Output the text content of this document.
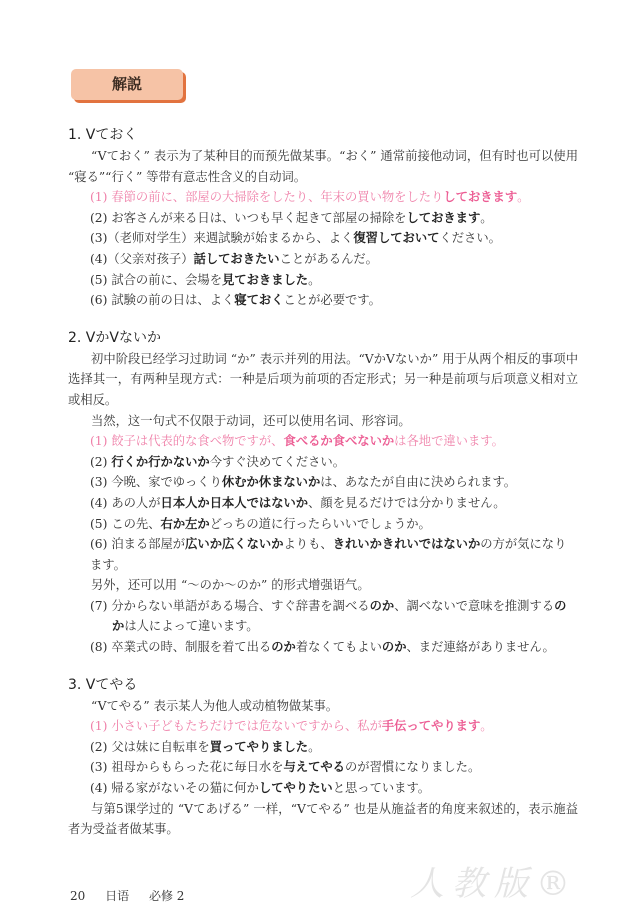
解説
1. Vておく
“Vておく” 表示为了某种目的而预先做某事。“おく” 通常前接他动词，但有时也可以使用 “寝る”“行く” 等带有意志性含义的自动词。
(1) 春節の前に、部屋の大掃除をしたり、年末の買い物をしたりしておきます。
(2) お客さんが来る日は、いつも早く起きて部屋の掃除をしておきます。
(3)（老师对学生）来週試験が始まるから、よく復習しておいてください。
(4)（父亲对孩子）話しておきたいことがあるんだ。
(5) 試合の前に、会場を見ておきました。
(6) 試験の前の日は、よく寝ておくことが必要です。
2. VかVないか
初中阶段已经学习过助词 “か” 表示并列的用法。“VかVないか” 用于从两个相反的事项中选择其一，有两种呈现方式：一种是后项为前项的否定形式；另一种是前项与后项意义相对立或相反。
当然，这一句式不仅限于动词，还可以使用名词、形容词。
(1) 餃子は代表的な食べ物ですが、食べるか食べないかは各地で違います。
(2) 行くか行かないか今すぐ決めてください。
(3) 今晩、家でゆっくり休むか休まないかは、あなたが自由に決められます。
(4) あの人が日本人か日本人ではないか、顔を見るだけでは分かりません。
(5) この先、右か左かどっちの道に行ったらいいでしょうか。
(6) 泊まる部屋が広いか広くないかよりも、きれいかきれいではないかの方が気になります。
另外，还可以用 “～のか～のか” 的形式增强语气。
(7) 分からない単語がある場合、すぐ辞書を調べるのか、調べないで意味を推測するのかは人によって違います。
(8) 卒業式の時、制服を着て出るのか着なくてもよいのか、まだ連絡がありません。
3. Vてやる
“Vてやる” 表示某人为他人或动植物做某事。
(1) 小さい子どもたちだけでは危ないですから、私が手伝ってやります。
(2) 父は妹に自転車を買ってやりました。
(3) 祖母からもらった花に毎日水を与えてやるのが習慣になりました。
(4) 帰る家がないその猫に何かしてやりたいと思っています。
与第5课学过的 “Vてあげる” 一样，“Vてやる” 也是从施益者的角度来叙述的，表示施益者为受益者做某事。
20 日语 必修 2	人教版®
